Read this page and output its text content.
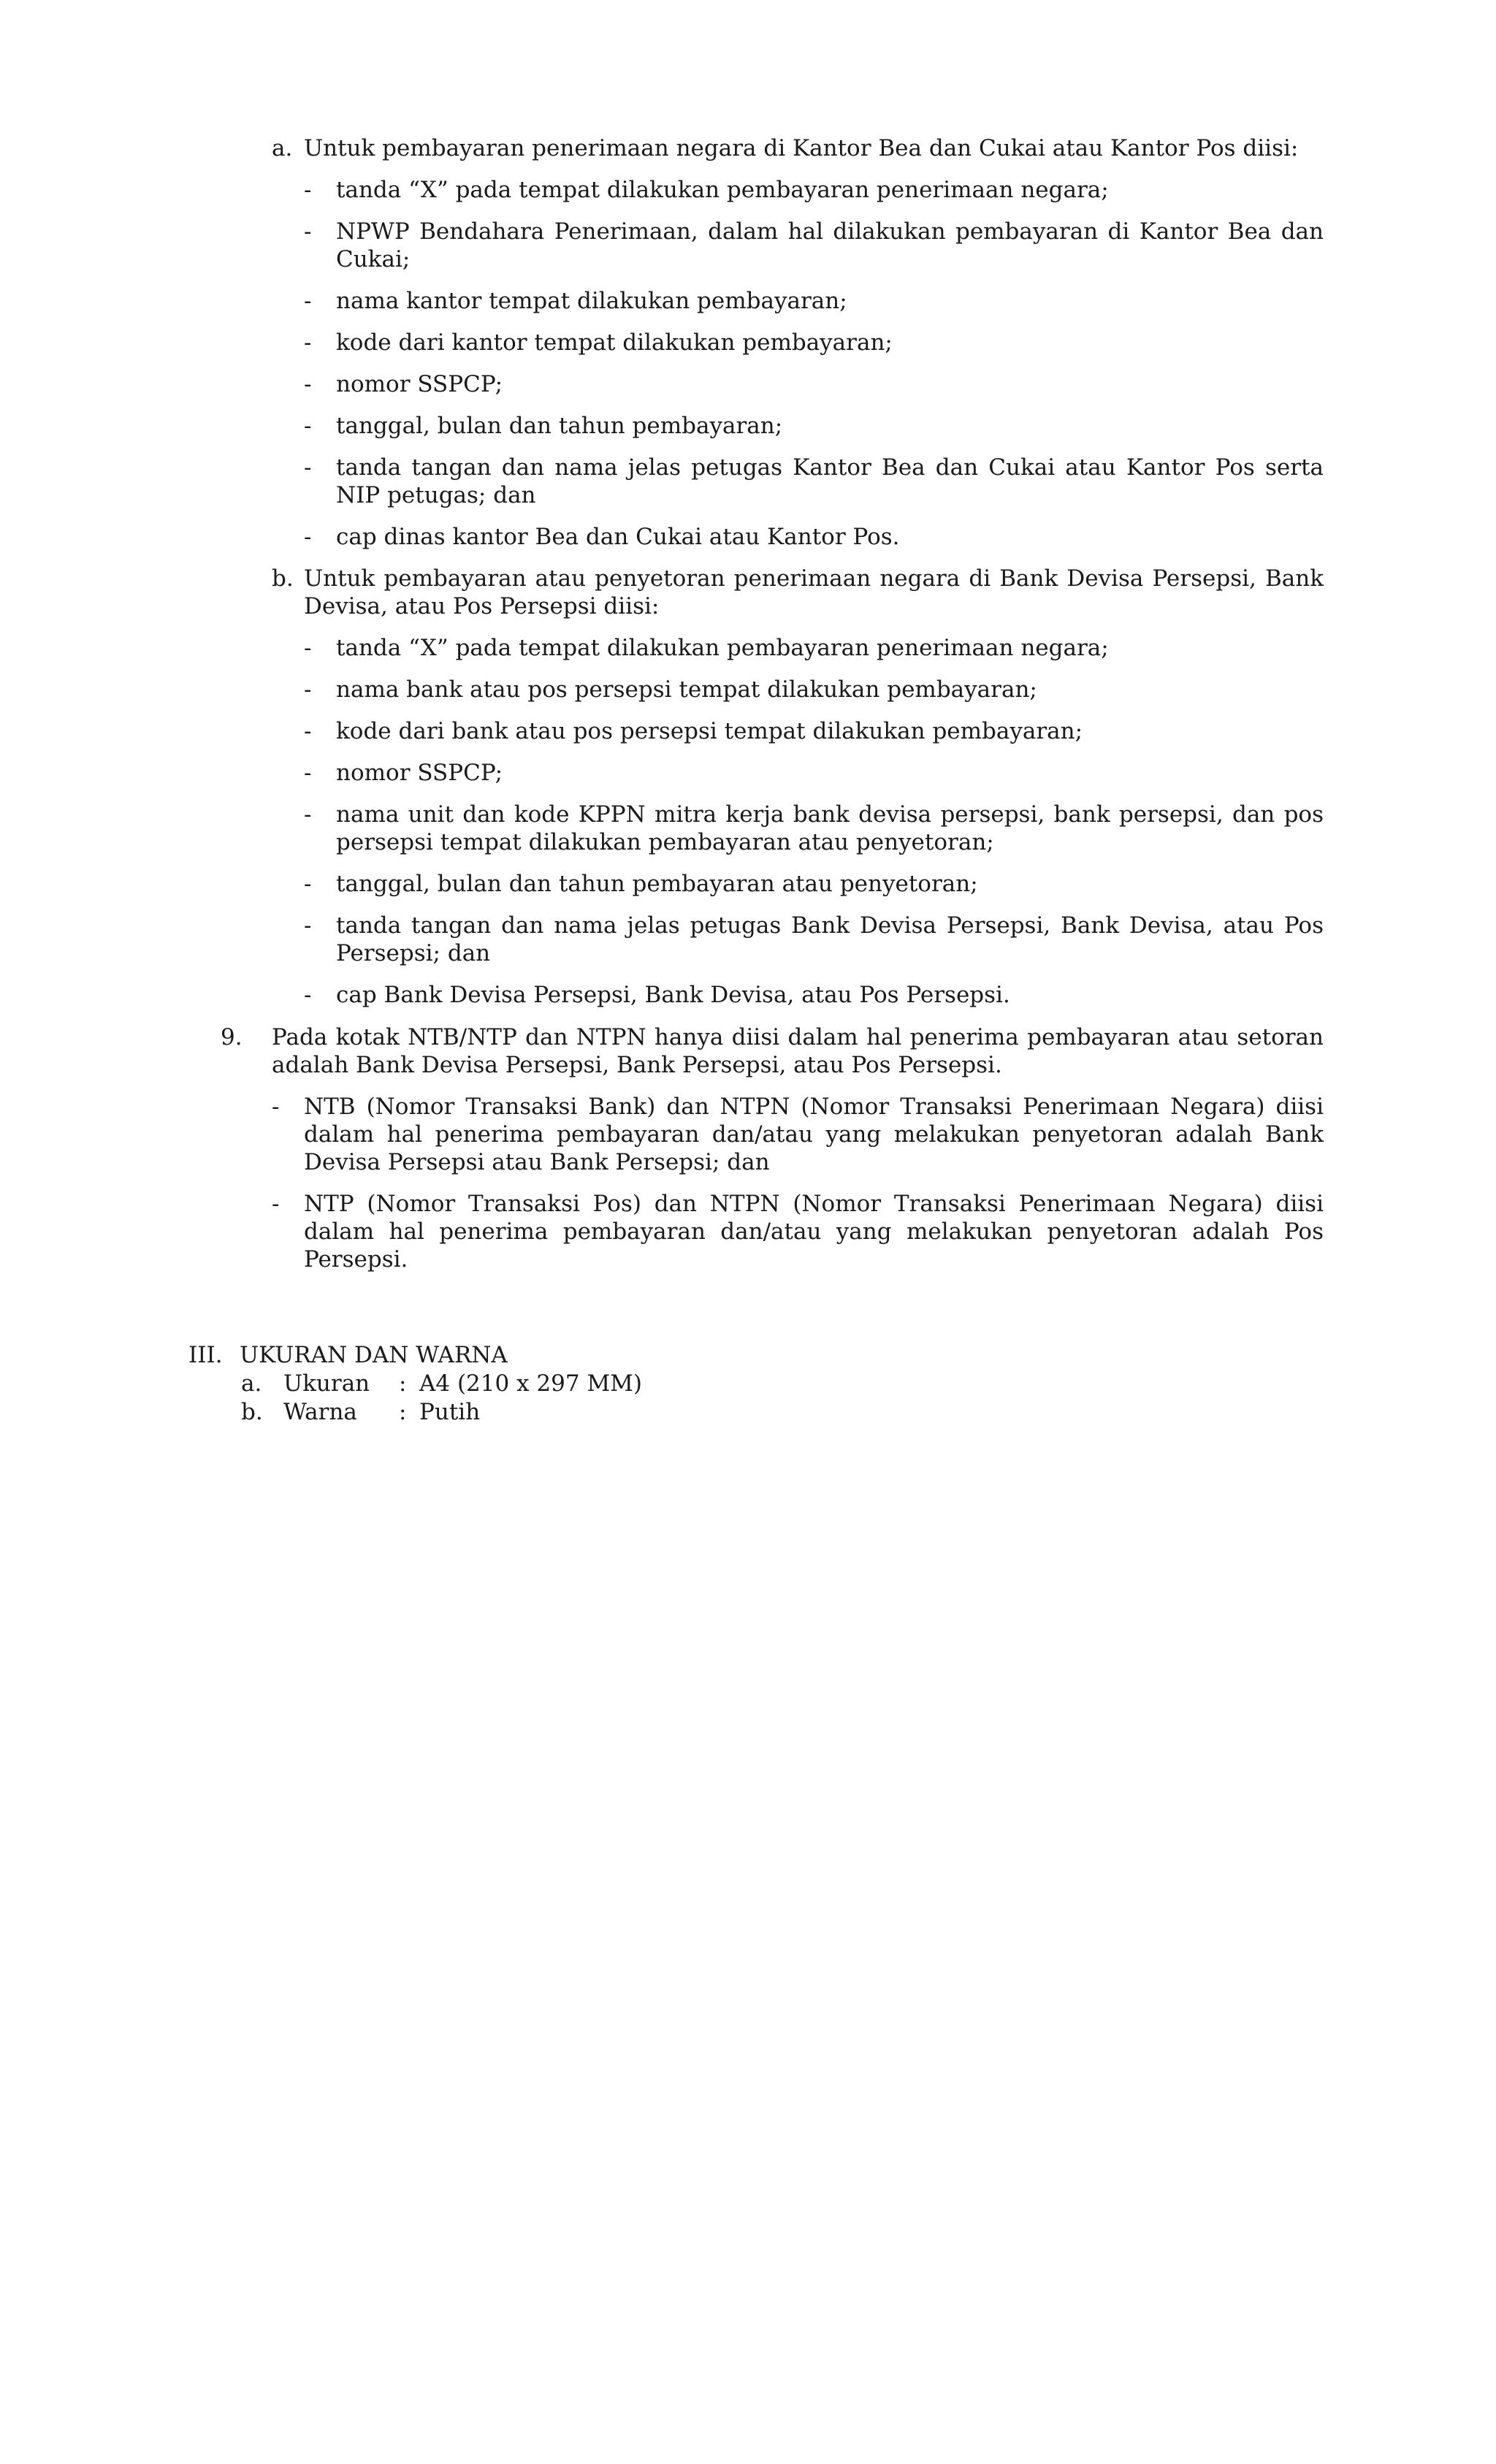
a. Untuk pembayaran penerimaan negara di Kantor Bea dan Cukai atau Kantor Pos diisi:
- tanda “X” pada tempat dilakukan pembayaran penerimaan negara;
- NPWP Bendahara Penerimaan, dalam hal dilakukan pembayaran di Kantor Bea dan Cukai;
- nama kantor tempat dilakukan pembayaran;
- kode dari kantor tempat dilakukan pembayaran;
- nomor SSPCP;
- tanggal, bulan dan tahun pembayaran;
- tanda tangan dan nama jelas petugas Kantor Bea dan Cukai atau Kantor Pos serta NIP petugas; dan
- cap dinas kantor Bea dan Cukai atau Kantor Pos.
b. Untuk pembayaran atau penyetoran penerimaan negara di Bank Devisa Persepsi, Bank Devisa, atau Pos Persepsi diisi:
- tanda “X” pada tempat dilakukan pembayaran penerimaan negara;
- nama bank atau pos persepsi tempat dilakukan pembayaran;
- kode dari bank atau pos persepsi tempat dilakukan pembayaran;
- nomor SSPCP;
- nama unit dan kode KPPN mitra kerja bank devisa persepsi, bank persepsi, dan pos persepsi tempat dilakukan pembayaran atau penyetoran;
- tanggal, bulan dan tahun pembayaran atau penyetoran;
- tanda tangan dan nama jelas petugas Bank Devisa Persepsi, Bank Devisa, atau Pos Persepsi; dan
- cap Bank Devisa Persepsi, Bank Devisa, atau Pos Persepsi.
9. Pada kotak NTB/NTP dan NTPN hanya diisi dalam hal penerima pembayaran atau setoran adalah Bank Devisa Persepsi, Bank Persepsi, atau Pos Persepsi.
- NTB (Nomor Transaksi Bank) dan NTPN (Nomor Transaksi Penerimaan Negara) diisi dalam hal penerima pembayaran dan/atau yang melakukan penyetoran adalah Bank Devisa Persepsi atau Bank Persepsi; dan
- NTP (Nomor Transaksi Pos) dan NTPN (Nomor Transaksi Penerimaan Negara) diisi dalam hal penerima pembayaran dan/atau yang melakukan penyetoran adalah Pos Persepsi.
III. UKURAN DAN WARNA
a. Ukuran : A4 (210 x 297 MM)
b. Warna : Putih
